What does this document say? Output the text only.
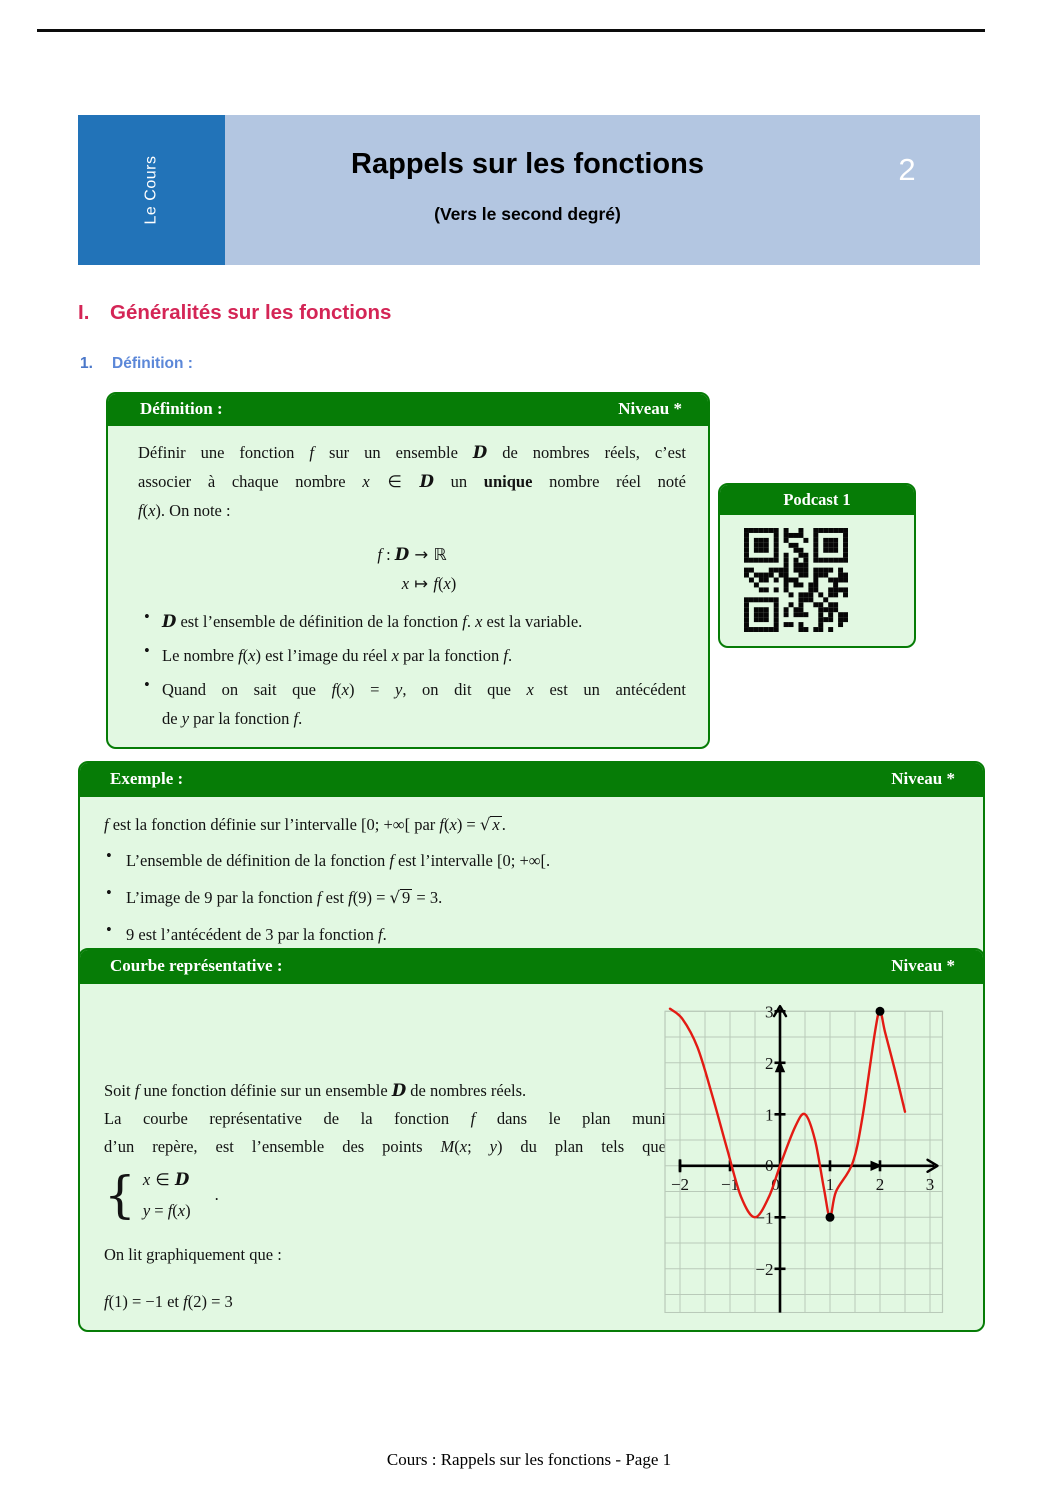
Le Cours	Rappels sur les fonctions
(Vers le second degré)
2
I.	Généralités sur les fonctions
1.	Définition :
Définition :	Niveau *
Définir une fonction f sur un ensemble D de nombres réels, c’est
associer à chaque nombre x ∈ D un unique nombre réel noté
f(x). On note :
f : D → ℝ
x ↦ f(x)
• D est l’ensemble de définition de la fonction f. x est la variable.
• Le nombre f(x) est l’image du réel x par la fonction f.
• Quand on sait que f(x) = y, on dit que x est un antécédent
de y par la fonction f.
Podcast 1
Exemple :	Niveau *
f est la fonction définie sur l’intervalle [0; +∞[ par f(x) = √ x .
• L’ensemble de définition de la fonction f est l’intervalle [0; +∞[.
• L’image de 9 par la fonction f est f(9) = √ 9 = 3.
• 9 est l’antécédent de 3 par la fonction f.
Courbe représentative :	Niveau *
Soit f une fonction définie sur un ensemble D de nombres réels.
La courbe représentative de la fonction f dans le plan muni
d’un repère, est l’ensemble des points M(x; y) du plan tels que
{ x ∈ D
y = f(x)
.
On lit graphiquement que :
f(1) = −1 et f(2) = 3
−2 −1 0	1 2 3
3
2
1
0
−1
−2
Cours : Rappels sur les fonctions - Page 1
